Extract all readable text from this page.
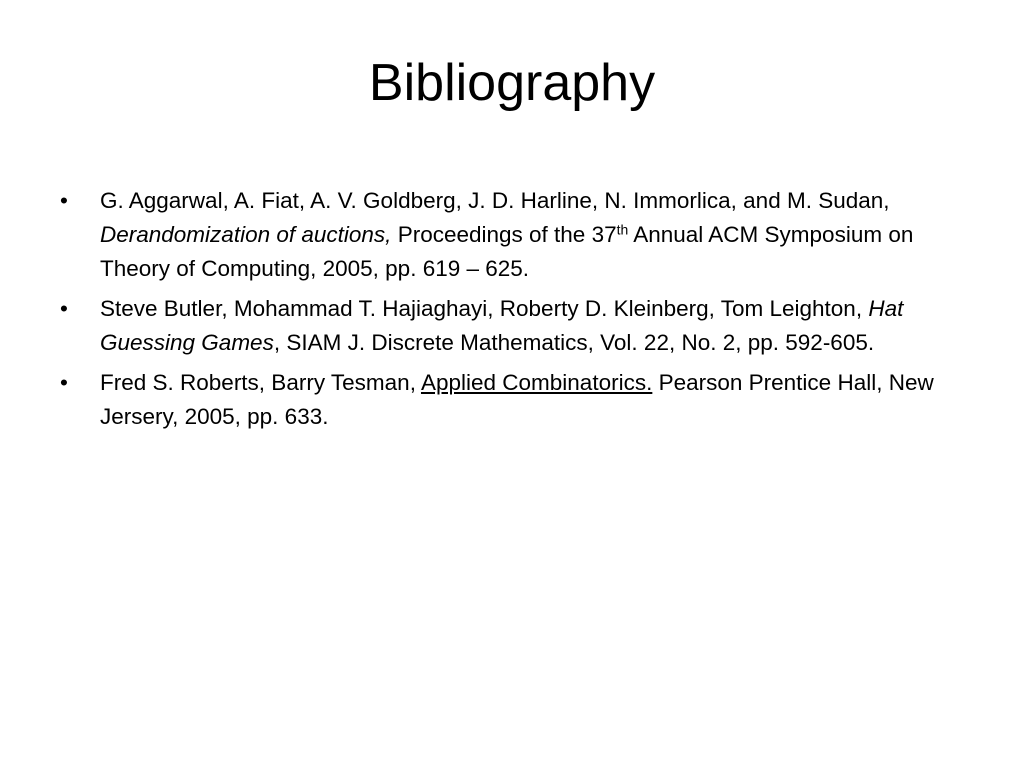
Bibliography
•	G. Aggarwal, A. Fiat, A. V. Goldberg, J. D. Harline, N. Immorlica, and M. Sudan, Derandomization of auctions, Proceedings of the 37th Annual ACM Symposium on Theory of Computing, 2005, pp. 619 – 625.
•	Steve Butler, Mohammad T. Hajiaghayi, Roberty D. Kleinberg, Tom Leighton, Hat Guessing Games, SIAM J. Discrete Mathematics, Vol. 22, No. 2, pp. 592-605.
•	Fred S. Roberts, Barry Tesman, Applied Combinatorics. Pearson Prentice Hall, New Jersery, 2005, pp. 633.
